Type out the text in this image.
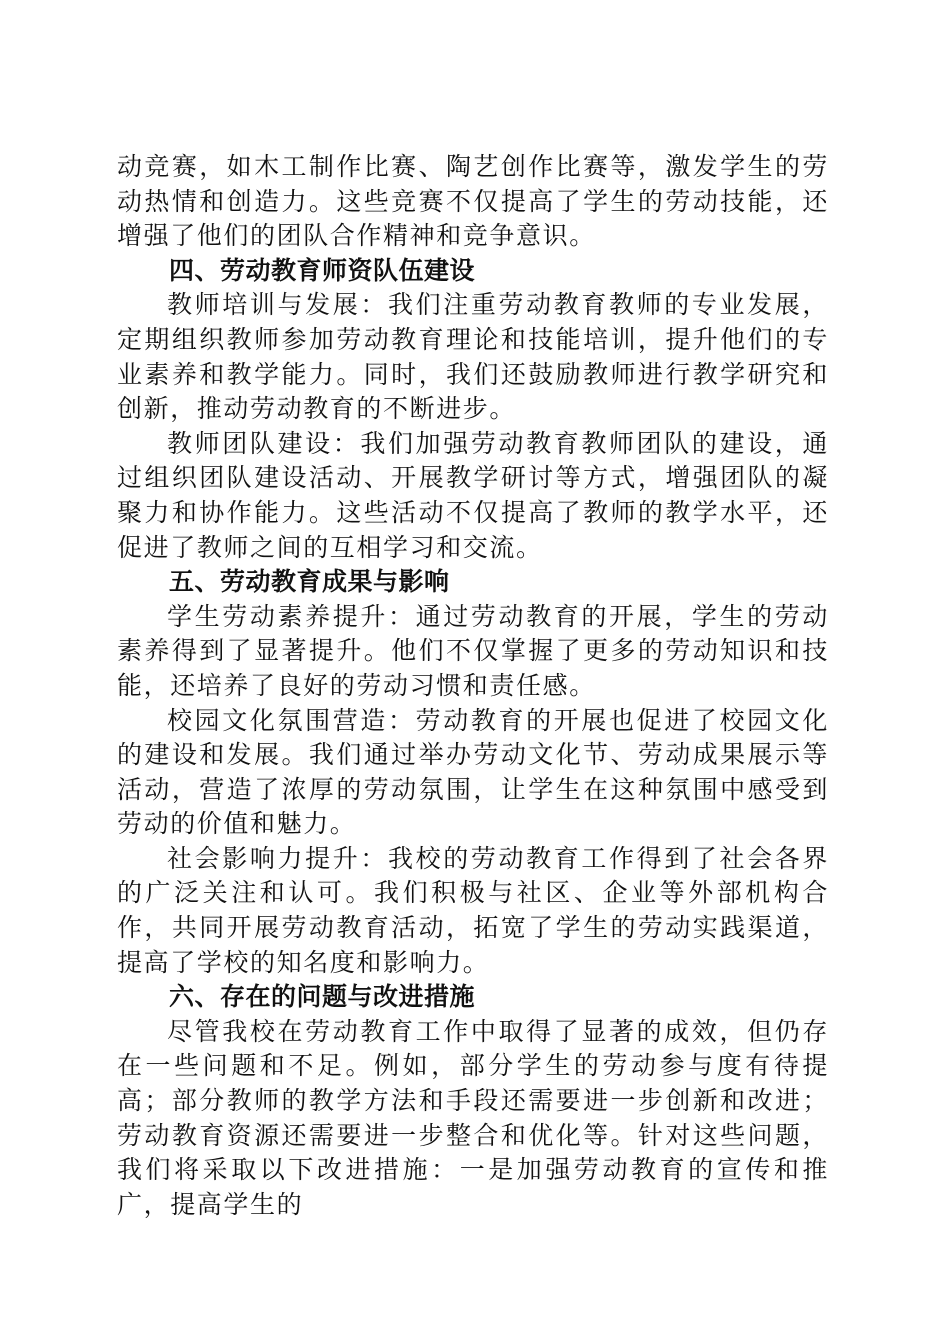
动竞赛，如木工制作比赛、陶艺创作比赛等，激发学生的劳动热情和创造力。这些竞赛不仅提高了学生的劳动技能，还增强了他们的团队合作精神和竞争意识。

四、劳动教育师资队伍建设

教师培训与发展：我们注重劳动教育教师的专业发展，定期组织教师参加劳动教育理论和技能培训，提升他们的专业素养和教学能力。同时，我们还鼓励教师进行教学研究和创新，推动劳动教育的不断进步。

教师团队建设：我们加强劳动教育教师团队的建设，通过组织团队建设活动、开展教学研讨等方式，增强团队的凝聚力和协作能力。这些活动不仅提高了教师的教学水平，还促进了教师之间的互相学习和交流。

五、劳动教育成果与影响

学生劳动素养提升：通过劳动教育的开展，学生的劳动素养得到了显著提升。他们不仅掌握了更多的劳动知识和技能，还培养了良好的劳动习惯和责任感。

校园文化氛围营造：劳动教育的开展也促进了校园文化的建设和发展。我们通过举办劳动文化节、劳动成果展示等活动，营造了浓厚的劳动氛围，让学生在这种氛围中感受到劳动的价值和魅力。

社会影响力提升：我校的劳动教育工作得到了社会各界的广泛关注和认可。我们积极与社区、企业等外部机构合作，共同开展劳动教育活动，拓宽了学生的劳动实践渠道，提高了学校的知名度和影响力。

六、存在的问题与改进措施

尽管我校在劳动教育工作中取得了显著的成效，但仍存在一些问题和不足。例如，部分学生的劳动参与度有待提高；部分教师的教学方法和手段还需要进一步创新和改进；劳动教育资源还需要进一步整合和优化等。针对这些问题，我们将采取以下改进措施：一是加强劳动教育的宣传和推广，提高学生的
